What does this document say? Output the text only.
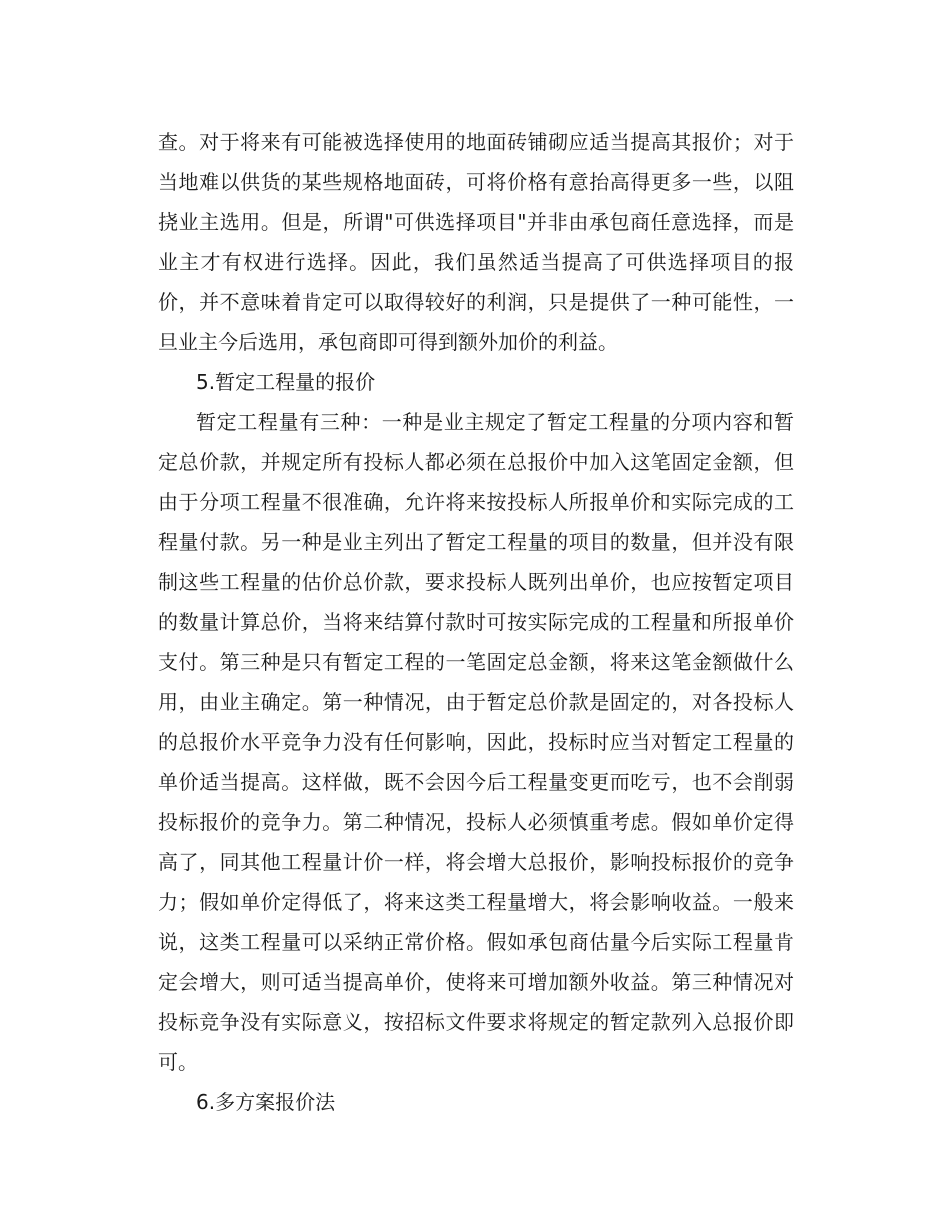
查。对于将来有可能被选择使用的地面砖铺砌应适当提高其报价；对于当地难以供货的某些规格地面砖，可将价格有意抬高得更多一些，以阻挠业主选用。但是，所谓"可供选择项目"并非由承包商任意选择，而是业主才有权进行选择。因此，我们虽然适当提高了可供选择项目的报价，并不意味着肯定可以取得较好的利润，只是提供了一种可能性，一旦业主今后选用，承包商即可得到额外加价的利益。

5.暂定工程量的报价

暂定工程量有三种：一种是业主规定了暂定工程量的分项内容和暂定总价款，并规定所有投标人都必须在总报价中加入这笔固定金额，但由于分项工程量不很准确，允许将来按投标人所报单价和实际完成的工程量付款。另一种是业主列出了暂定工程量的项目的数量，但并没有限制这些工程量的估价总价款，要求投标人既列出单价，也应按暂定项目的数量计算总价，当将来结算付款时可按实际完成的工程量和所报单价支付。第三种是只有暂定工程的一笔固定总金额，将来这笔金额做什么用，由业主确定。第一种情况，由于暂定总价款是固定的，对各投标人的总报价水平竞争力没有任何影响，因此，投标时应当对暂定工程量的单价适当提高。这样做，既不会因今后工程量变更而吃亏，也不会削弱投标报价的竞争力。第二种情况，投标人必须慎重考虑。假如单价定得高了，同其他工程量计价一样，将会增大总报价，影响投标报价的竞争力；假如单价定得低了，将来这类工程量增大，将会影响收益。一般来说，这类工程量可以采纳正常价格。假如承包商估量今后实际工程量肯定会增大，则可适当提高单价，使将来可增加额外收益。第三种情况对投标竞争没有实际意义，按招标文件要求将规定的暂定款列入总报价即可。

6.多方案报价法
